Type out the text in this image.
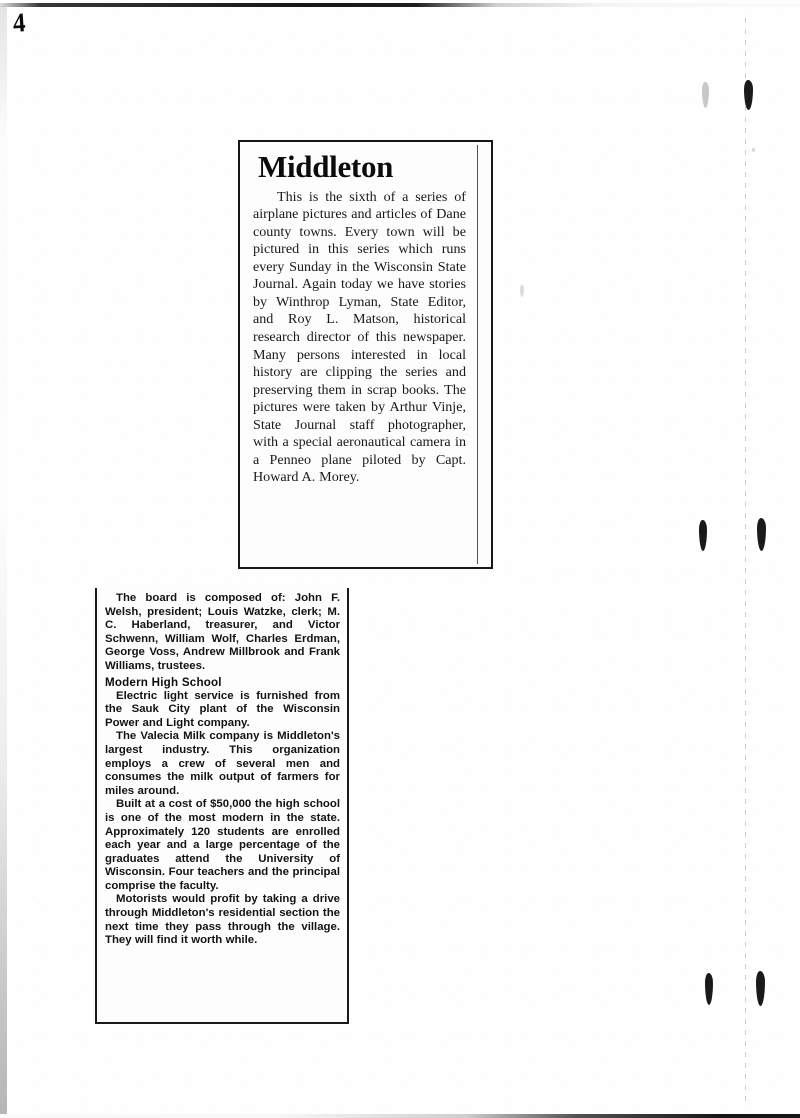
4
Middleton
This is the sixth of a series of airplane pictures and articles of Dane county towns. Every town will be pictured in this series which runs every Sunday in the Wisconsin State Journal. Again today we have stories by Winthrop Lyman, State Editor, and Roy L. Matson, historical research director of this newspaper. Many persons interested in local history are clipping the series and preserving them in scrap books. The pictures were taken by Arthur Vinje, State Journal staff photographer, with a special aeronautical camera in a Penneo plane piloted by Capt. Howard A. Morey.

The board is composed of: John F. Welsh, president; Louis Watzke, clerk; M. C. Haberland, treasurer, and Victor Schwenn, William Wolf, Charles Erdman, George Voss, Andrew Millbrook and Frank Williams, trustees.

Modern High School

Electric light service is furnished from the Sauk City plant of the Wisconsin Power and Light company.

The Valecia Milk company is Middleton's largest industry. This organization employs a crew of several men and consumes the milk output of farmers for miles around.

Built at a cost of $50,000 the high school is one of the most modern in the state. Approximately 120 students are enrolled each year and a large percentage of the graduates attend the University of Wisconsin. Four teachers and the principal comprise the faculty.

Motorists would profit by taking a drive through Middleton's residential section the next time they pass through the village. They will find it worth while.
